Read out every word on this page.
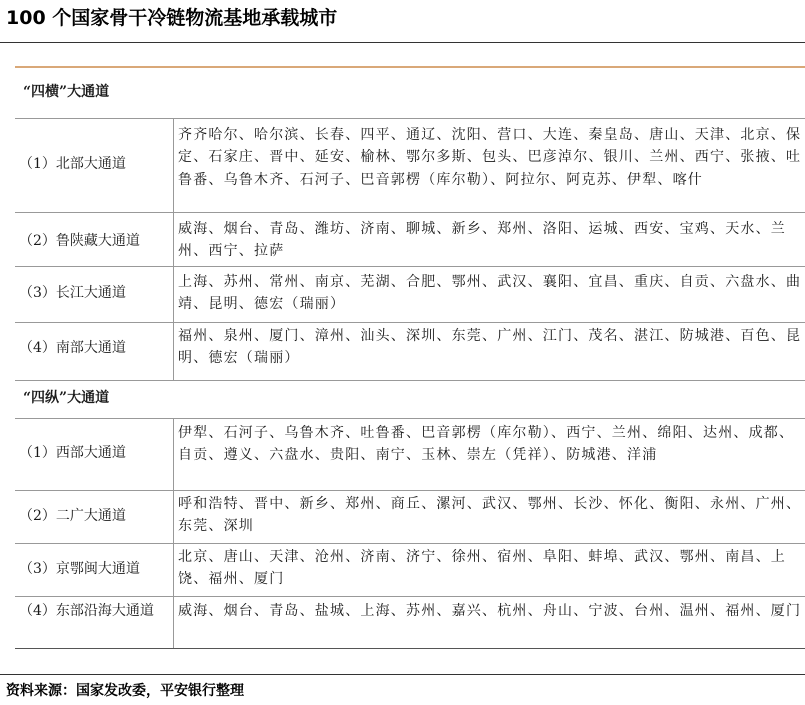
100 个国家骨干冷链物流基地承载城市
“四横”大通道
（1）北部大通道
齐齐哈尔、哈尔滨、长春、四平、通辽、沈阳、营口、大连、秦皇岛、唐山、天津、北京、保定、石家庄、晋中、延安、榆林、鄂尔多斯、包头、巴彦淖尔、银川、兰州、西宁、张掖、吐鲁番、乌鲁木齐、石河子、巴音郭楞（库尔勒）、阿拉尔、阿克苏、伊犁、喀什
（2）鲁陕藏大通道
威海、烟台、青岛、潍坊、济南、聊城、新乡、郑州、洛阳、运城、西安、宝鸡、天水、兰州、西宁、拉萨
（3）长江大通道
上海、苏州、常州、南京、芜湖、合肥、鄂州、武汉、襄阳、宜昌、重庆、自贡、六盘水、曲靖、昆明、德宏（瑞丽）
（4）南部大通道
福州、泉州、厦门、漳州、汕头、深圳、东莞、广州、江门、茂名、湛江、防城港、百色、昆明、德宏（瑞丽）
“四纵”大通道
（1）西部大通道
伊犁、石河子、乌鲁木齐、吐鲁番、巴音郭楞（库尔勒）、西宁、兰州、绵阳、达州、成都、自贡、遵义、六盘水、贵阳、南宁、玉林、崇左（凭祥）、防城港、洋浦
（2）二广大通道
呼和浩特、晋中、新乡、郑州、商丘、漯河、武汉、鄂州、长沙、怀化、衡阳、永州、广州、东莞、深圳
（3）京鄂闽大通道
北京、唐山、天津、沧州、济南、济宁、徐州、宿州、阜阳、蚌埠、武汉、鄂州、南昌、上饶、福州、厦门
（4）东部沿海大通道	威海、烟台、青岛、盐城、上海、苏州、嘉兴、杭州、舟山、宁波、台州、温州、福州、厦门
资料来源：国家发改委，平安银行整理
